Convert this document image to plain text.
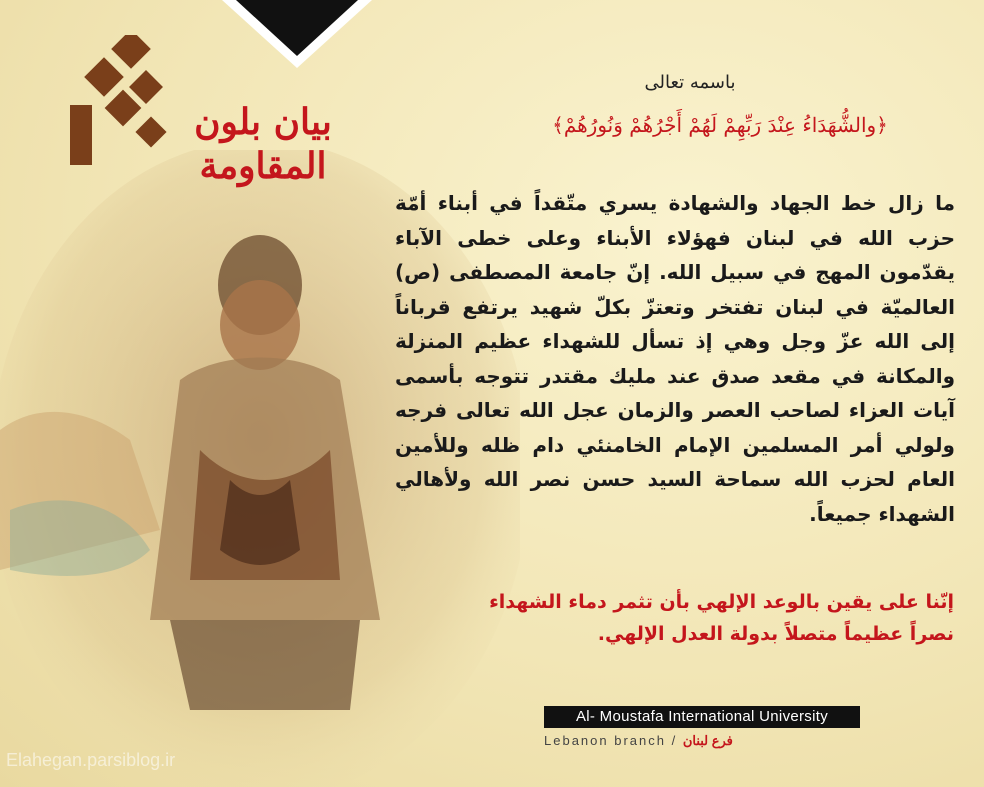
بيان بلون
المقاومة
باسمه تعالى
﴿والشُّهَدَاءُ عِنْدَ رَبِّهِمْ لَهُمْ أَجْرُهُمْ وَنُورُهُمْ﴾
ما زال خط الجهاد والشهادة يسري متّقداً في أبناء أمّة حزب الله في لبنان فهؤلاء الأبناء وعلى خطى الآباء يقدّمون المهج في سبيل الله. إنّ جامعة المصطفى (ص) العالميّة في لبنان تفتخر وتعتزّ بكلّ شهيد يرتفع قرباناً إلى الله عزّ وجل وهي إذ تسأل للشهداء عظيم المنزلة والمكانة في مقعد صدق عند مليك مقتدر تتوجه بأسمى آيات العزاء لصاحب العصر والزمان عجل الله تعالى فرجه ولولي أمر المسلمين الإمام الخامنئي دام ظله وللأمين العام لحزب الله سماحة السيد حسن نصر الله ولأهالي الشهداء جميعاً.
إنّنا على يقين بالوعد الإلهي بأن تثمر دماء الشهداء نصراً عظيماً متصلاً بدولة العدل الإلهي.
Al- Moustafa International University
Lebanon branch / فرع لبنان
Elahegan.parsiblog.ir
